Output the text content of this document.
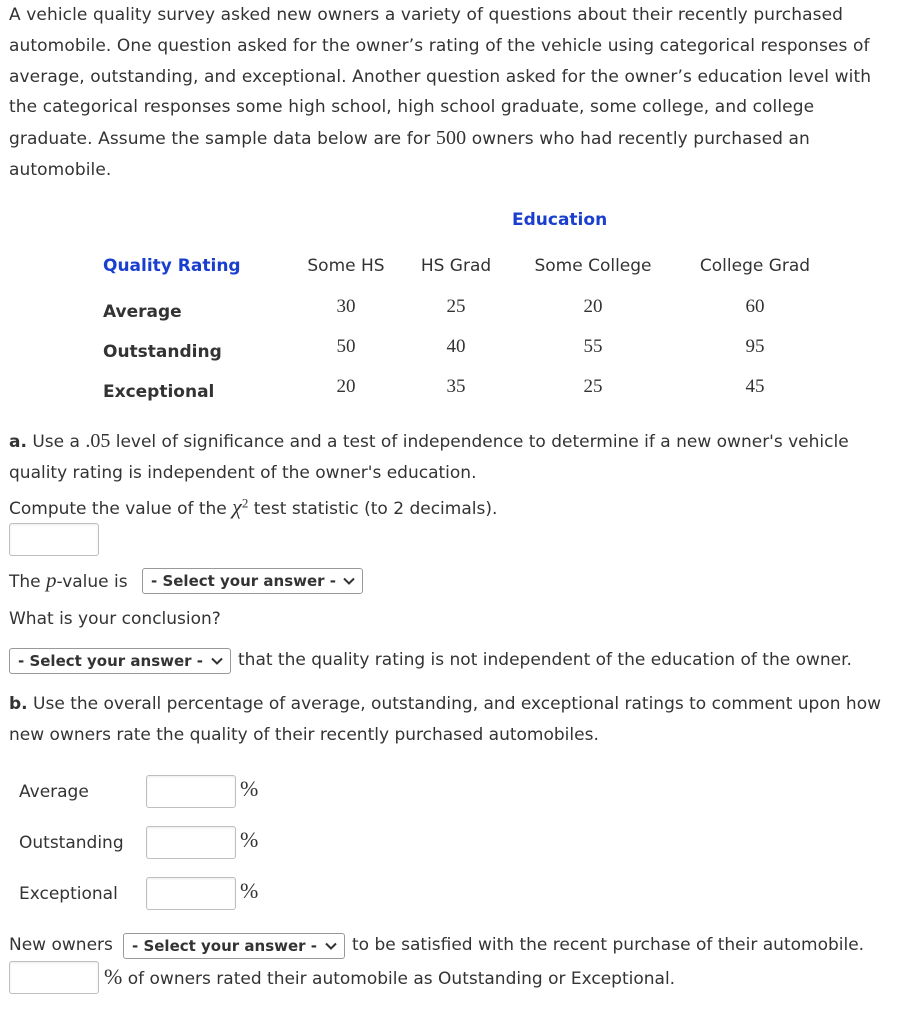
A vehicle quality survey asked new owners a variety of questions about their recently purchased
automobile. One question asked for the owner’s rating of the vehicle using categorical responses of
average, outstanding, and exceptional. Another question asked for the owner’s education level with
the categorical responses some high school, high school graduate, some college, and college
graduate. Assume the sample data below are for 500 owners who had recently purchased an
automobile.
Education
Quality Rating	Some HS	HS Grad	Some College	College Grad
Average	30	25	20	60
Outstanding	50	40	55	95
Exceptional	20	35	25	45
a. Use a .05 level of significance and a test of independence to determine if a new owner's vehicle
quality rating is independent of the owner's education.
Compute the value of the $\chi^2$ test statistic (to 2 decimals).
The p-value is	- Select your answer -
What is your conclusion?
- Select your answer -	that the quality rating is not independent of the education of the owner.
b. Use the overall percentage of average, outstanding, and exceptional ratings to comment upon how
new owners rate the quality of their recently purchased automobiles.
Average	%
Outstanding	%
Exceptional	%
New owners	- Select your answer -	to be satisfied with the recent purchase of their automobile.
% of owners rated their automobile as Outstanding or Exceptional.
